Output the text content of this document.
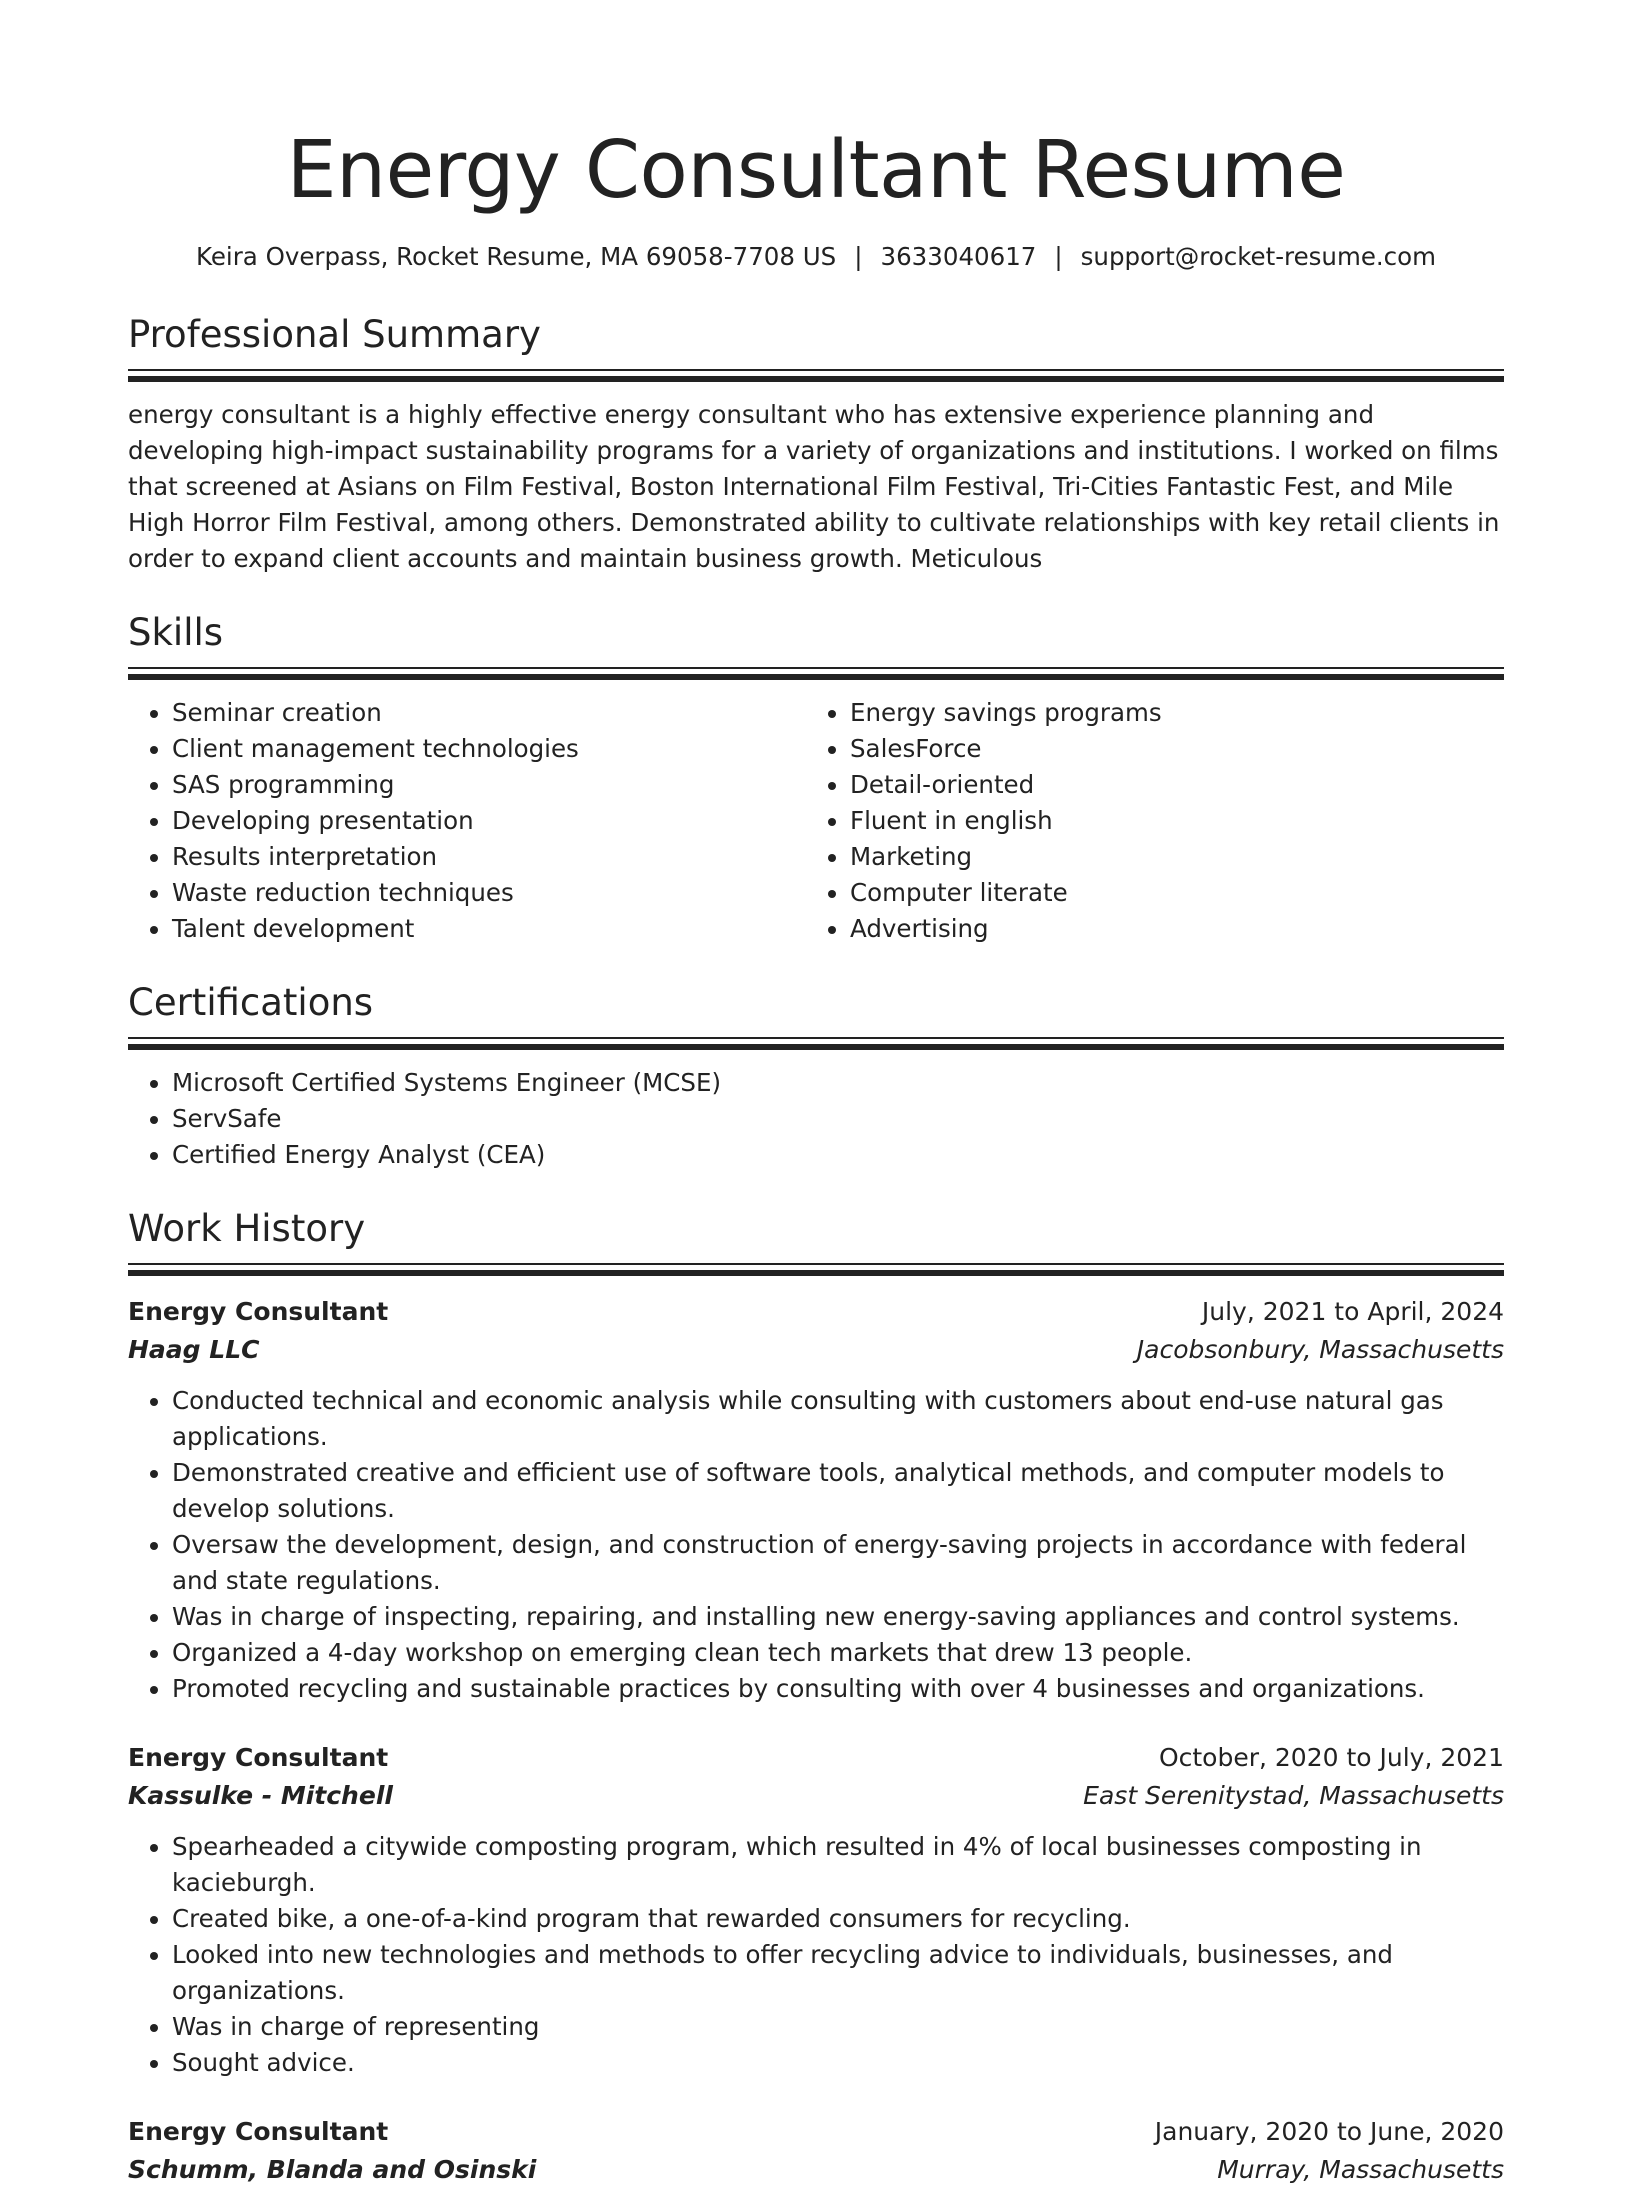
Energy Consultant Resume
Keira Overpass, Rocket Resume, MA 69058-7708 US | 3633040617 | support@rocket-resume.com
Professional Summary
energy consultant is a highly effective energy consultant who has extensive experience planning and developing high-impact sustainability programs for a variety of organizations and institutions. I worked on films that screened at Asians on Film Festival, Boston International Film Festival, Tri-Cities Fantastic Fest, and Mile High Horror Film Festival, among others. Demonstrated ability to cultivate relationships with key retail clients in order to expand client accounts and maintain business growth. Meticulous
Skills
• Seminar creation
• Client management technologies
• SAS programming
• Developing presentation
• Results interpretation
• Waste reduction techniques
• Talent development
• Energy savings programs
• SalesForce
• Detail-oriented
• Fluent in english
• Marketing
• Computer literate
• Advertising
Certifications
• Microsoft Certified Systems Engineer (MCSE)
• ServSafe
• Certified Energy Analyst (CEA)
Work History
Energy Consultant	July, 2021 to April, 2024
Haag LLC	Jacobsonbury, Massachusetts
• Conducted technical and economic analysis while consulting with customers about end-use natural gas applications.
• Demonstrated creative and efficient use of software tools, analytical methods, and computer models to develop solutions.
• Oversaw the development, design, and construction of energy-saving projects in accordance with federal and state regulations.
• Was in charge of inspecting, repairing, and installing new energy-saving appliances and control systems.
• Organized a 4-day workshop on emerging clean tech markets that drew 13 people.
• Promoted recycling and sustainable practices by consulting with over 4 businesses and organizations.
Energy Consultant	October, 2020 to July, 2021
Kassulke - Mitchell	East Serenitystad, Massachusetts
• Spearheaded a citywide composting program, which resulted in 4% of local businesses composting in kacieburgh.
• Created bike, a one-of-a-kind program that rewarded consumers for recycling.
• Looked into new technologies and methods to offer recycling advice to individuals, businesses, and organizations.
• Was in charge of representing
• Sought advice.
Energy Consultant	January, 2020 to June, 2020
Schumm, Blanda and Osinski	Murray, Massachusetts
